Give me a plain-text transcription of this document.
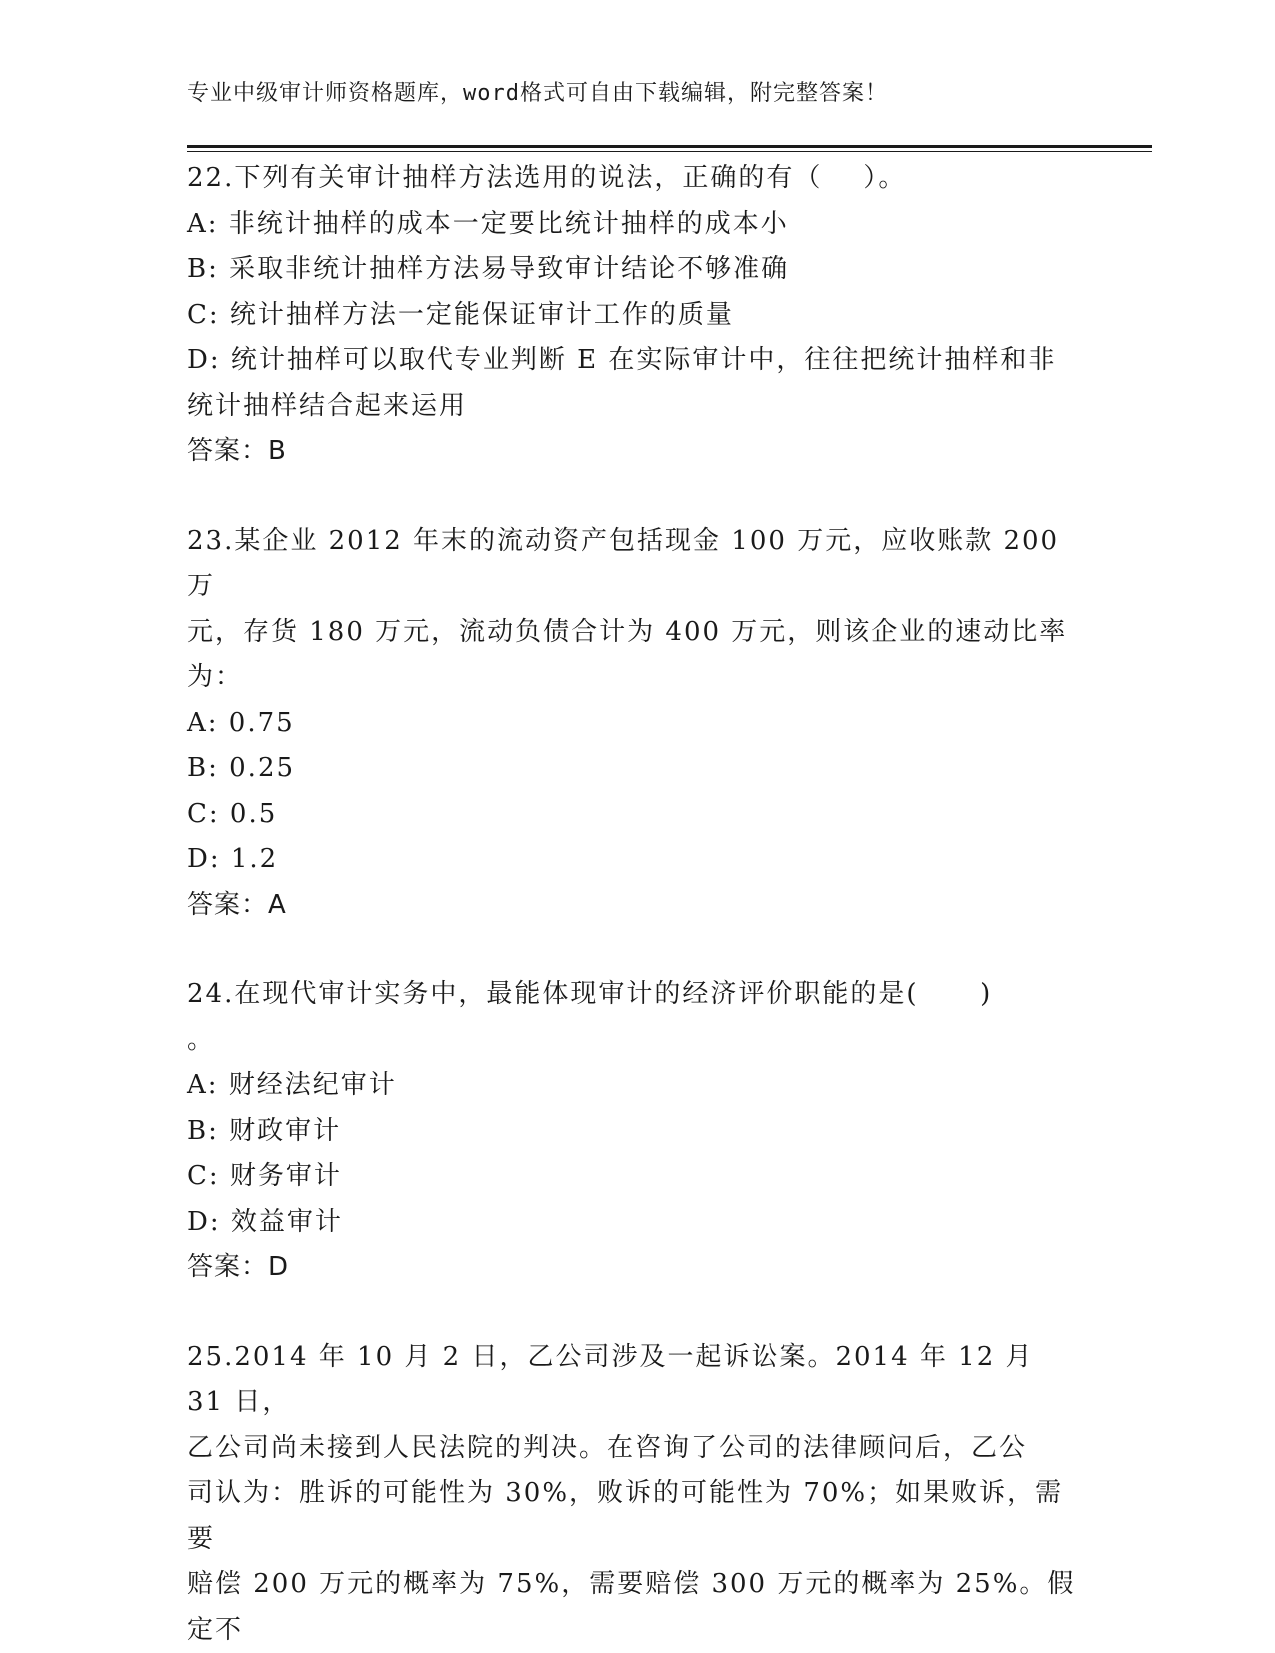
专业中级审计师资格题库，word格式可自由下载编辑，附完整答案！

22.下列有关审计抽样方法选用的说法，正确的有（    ）。

A: 非统计抽样的成本一定要比统计抽样的成本小

B: 采取非统计抽样方法易导致审计结论不够准确

C: 统计抽样方法一定能保证审计工作的质量

D: 统计抽样可以取代专业判断 E 在实际审计中，往往把统计抽样和非

统计抽样结合起来运用

答案：B

23.某企业 2012 年末的流动资产包括现金 100 万元，应收账款 200 万

元，存货 180 万元，流动负债合计为 400 万元，则该企业的速动比率

为：

A: 0.75

B: 0.25

C: 0.5

D: 1.2

答案：A

24.在现代审计实务中，最能体现审计的经济评价职能的是(      )

。

A: 财经法纪审计

B: 财政审计

C: 财务审计

D: 效益审计

答案：D

25.2014 年 10 月 2 日，乙公司涉及一起诉讼案。2014 年 12 月 31 日，

乙公司尚未接到人民法院的判决。在咨询了公司的法律顾问后，乙公

司认为：胜诉的可能性为 30%，败诉的可能性为 70%；如果败诉，需要

赔偿 200 万元的概率为 75%，需要赔偿 300 万元的概率为 25%。假定不
